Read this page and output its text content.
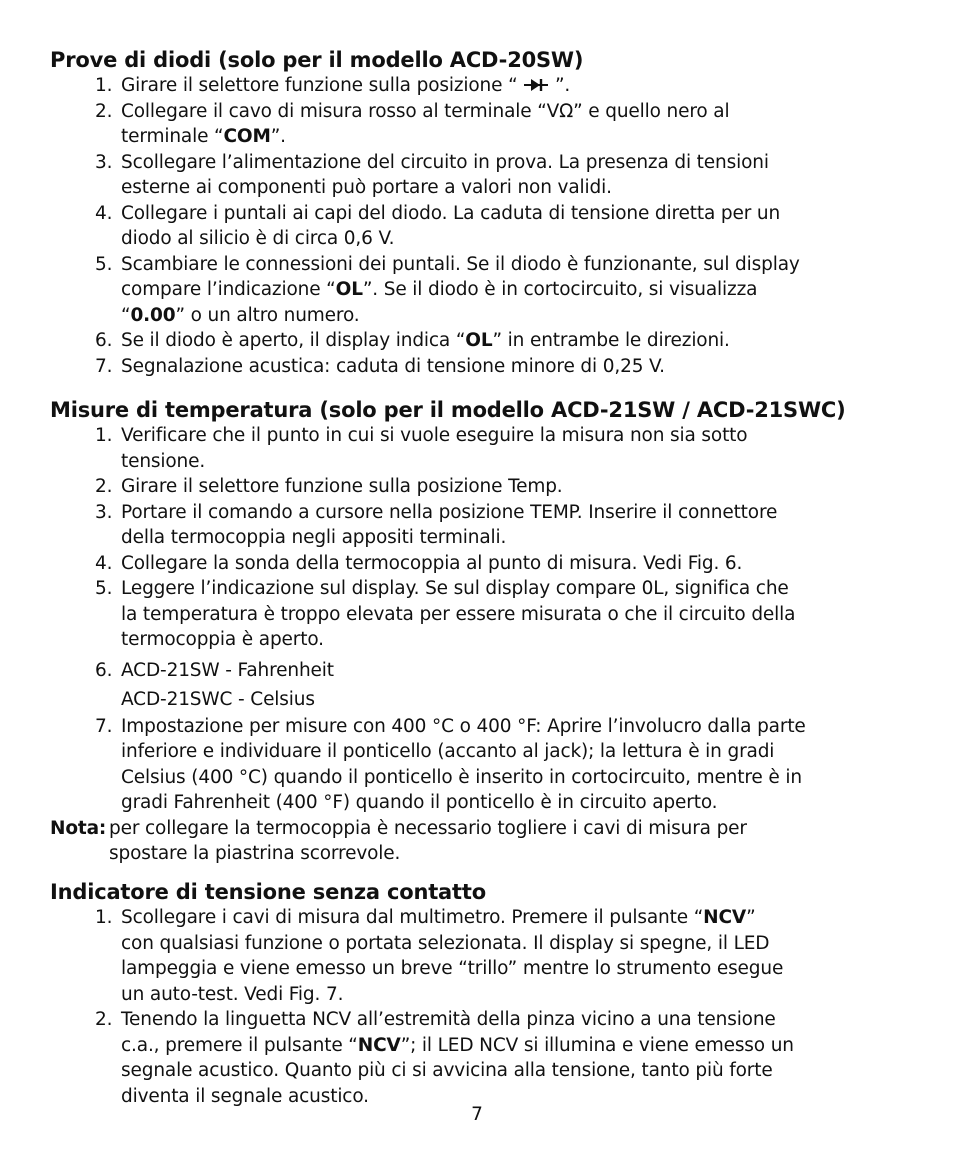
Prove di diodi (solo per il modello ACD-20SW)
1. Girare il selettore funzione sulla posizione “  ”.
2. Collegare il cavo di misura rosso al terminale “VΩ” e quello nero al
terminale “COM”.
3. Scollegare l’alimentazione del circuito in prova. La presenza di tensioni
esterne ai componenti può portare a valori non validi.
4. Collegare i puntali ai capi del diodo. La caduta di tensione diretta per un
diodo al silicio è di circa 0,6 V.
5. Scambiare le connessioni dei puntali. Se il diodo è funzionante, sul display
compare l’indicazione “OL”. Se il diodo è in cortocircuito, si visualizza
“0.00” o un altro numero.
6. Se il diodo è aperto, il display indica “OL” in entrambe le direzioni.
7. Segnalazione acustica: caduta di tensione minore di 0,25 V.
Misure di temperatura (solo per il modello ACD-21SW / ACD-21SWC)
1. Verificare che il punto in cui si vuole eseguire la misura non sia sotto
tensione.
2. Girare il selettore funzione sulla posizione Temp.
3. Portare il comando a cursore nella posizione TEMP. Inserire il connettore
della termocoppia negli appositi terminali.
4. Collegare la sonda della termocoppia al punto di misura. Vedi Fig. 6.
5. Leggere l’indicazione sul display. Se sul display compare 0L, significa che
la temperatura è troppo elevata per essere misurata o che il circuito della
termocoppia è aperto.
6. ACD-21SW - Fahrenheit
ACD-21SWC - Celsius
7. Impostazione per misure con 400 °C o 400 °F: Aprire l’involucro dalla parte
inferiore e individuare il ponticello (accanto al jack); la lettura è in gradi
Celsius (400 °C) quando il ponticello è inserito in cortocircuito, mentre è in
gradi Fahrenheit (400 °F) quando il ponticello è in circuito aperto.
Nota: per collegare la termocoppia è necessario togliere i cavi di misura per
spostare la piastrina scorrevole.
Indicatore di tensione senza contatto
1. Scollegare i cavi di misura dal multimetro. Premere il pulsante “NCV”
con qualsiasi funzione o portata selezionata. Il display si spegne, il LED
lampeggia e viene emesso un breve “trillo” mentre lo strumento esegue
un auto-test. Vedi Fig. 7.
2. Tenendo la linguetta NCV all’estremità della pinza vicino a una tensione
c.a., premere il pulsante “NCV”; il LED NCV si illumina e viene emesso un
segnale acustico. Quanto più ci si avvicina alla tensione, tanto più forte
diventa il segnale acustico.
7
